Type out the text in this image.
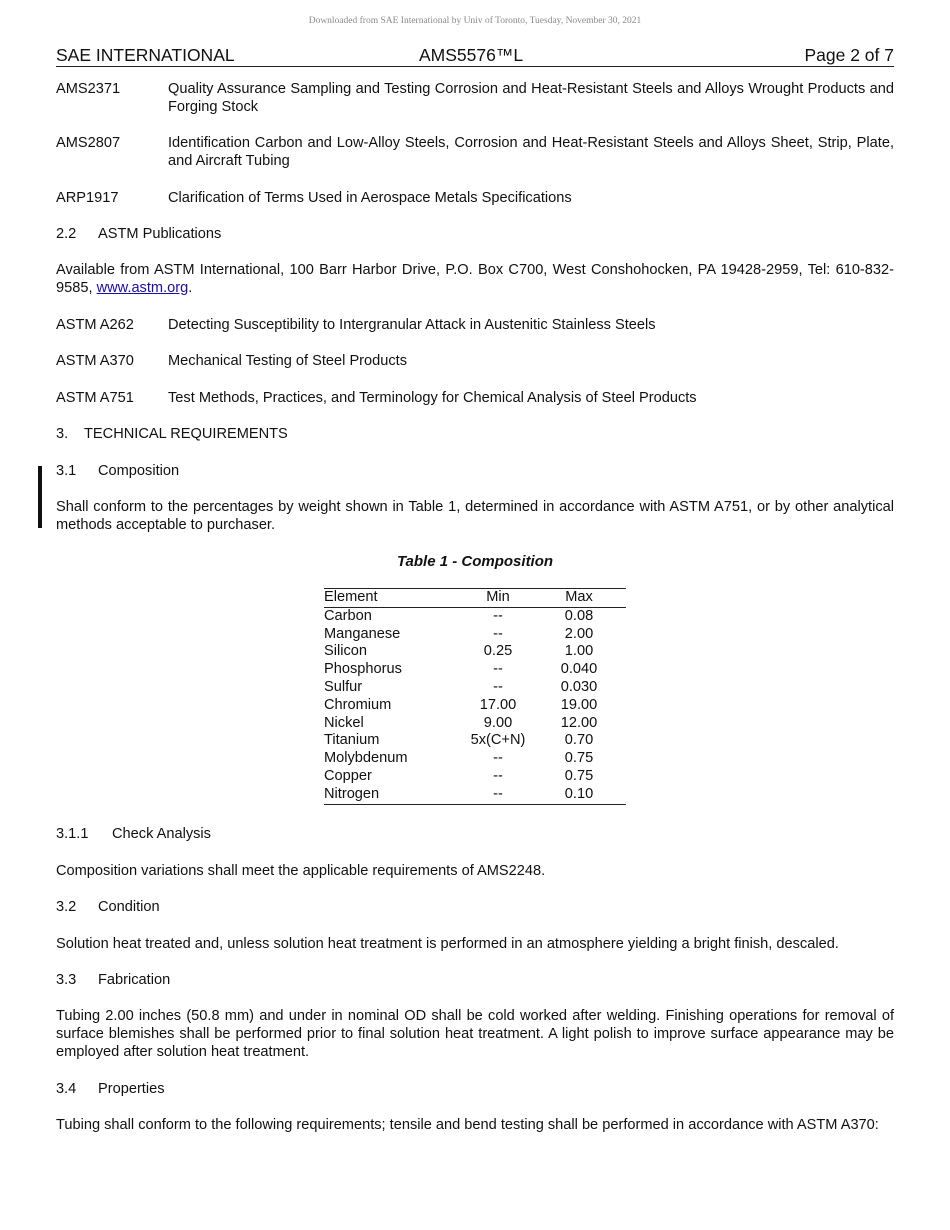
Downloaded from SAE International by Univ of Toronto, Tuesday, November 30, 2021
SAE INTERNATIONAL	AMS5576™L	Page 2 of 7
AMS2371	Quality Assurance Sampling and Testing Corrosion and Heat-Resistant Steels and Alloys Wrought Products and Forging Stock
AMS2807	Identification Carbon and Low-Alloy Steels, Corrosion and Heat-Resistant Steels and Alloys Sheet, Strip, Plate, and Aircraft Tubing
ARP1917	Clarification of Terms Used in Aerospace Metals Specifications
2.2 ASTM Publications
Available from ASTM International, 100 Barr Harbor Drive, P.O. Box C700, West Conshohocken, PA 19428-2959, Tel: 610-832-9585, www.astm.org.
ASTM A262 Detecting Susceptibility to Intergranular Attack in Austenitic Stainless Steels
ASTM A370 Mechanical Testing of Steel Products
ASTM A751 Test Methods, Practices, and Terminology for Chemical Analysis of Steel Products
3. TECHNICAL REQUIREMENTS
3.1 Composition
Shall conform to the percentages by weight shown in Table 1, determined in accordance with ASTM A751, or by other analytical methods acceptable to purchaser.
Table 1 - Composition
Element	Min	Max
Carbon	--	0.08
Manganese	--	2.00
Silicon	0.25	1.00
Phosphorus	--	0.040
Sulfur	--	0.030
Chromium	17.00	19.00
Nickel	9.00	12.00
Titanium	5x(C+N)	0.70
Molybdenum	--	0.75
Copper	--	0.75
Nitrogen	--	0.10
3.1.1 Check Analysis
Composition variations shall meet the applicable requirements of AMS2248.
3.2 Condition
Solution heat treated and, unless solution heat treatment is performed in an atmosphere yielding a bright finish, descaled.
3.3 Fabrication
Tubing 2.00 inches (50.8 mm) and under in nominal OD shall be cold worked after welding. Finishing operations for removal of surface blemishes shall be performed prior to final solution heat treatment. A light polish to improve surface appearance may be employed after solution heat treatment.
3.4 Properties
Tubing shall conform to the following requirements; tensile and bend testing shall be performed in accordance with ASTM A370:
